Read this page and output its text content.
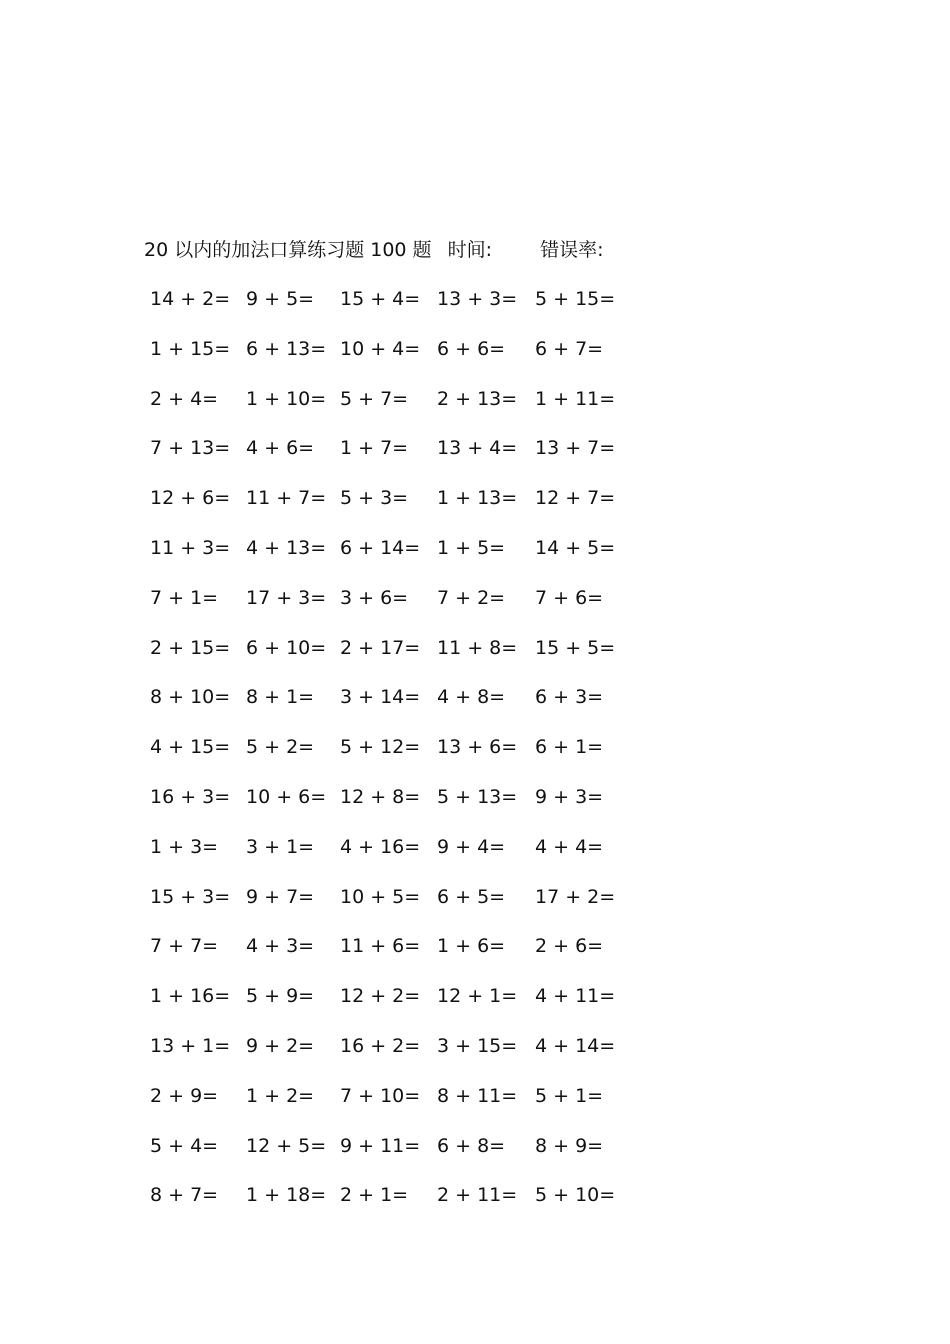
20 以内的加法口算练习题 100 题 时间:	错误率:
14 + 2= 9 + 5= 15 + 4= 13 + 3= 5 + 15=
1 + 15= 6 + 13= 10 + 4= 6 + 6= 6 + 7=
2 + 4= 1 + 10= 5 + 7= 2 + 13= 1 + 11=
7 + 13= 4 + 6= 1 + 7= 13 + 4= 13 + 7=
12 + 6= 11 + 7= 5 + 3= 1 + 13= 12 + 7=
11 + 3= 4 + 13= 6 + 14= 1 + 5= 14 + 5=
7 + 1= 17 + 3= 3 + 6= 7 + 2= 7 + 6=
2 + 15= 6 + 10= 2 + 17= 11 + 8= 15 + 5=
8 + 10= 8 + 1= 3 + 14= 4 + 8= 6 + 3=
4 + 15= 5 + 2= 5 + 12= 13 + 6= 6 + 1=
16 + 3= 10 + 6= 12 + 8= 5 + 13= 9 + 3=
1 + 3= 3 + 1= 4 + 16= 9 + 4= 4 + 4=
15 + 3= 9 + 7= 10 + 5= 6 + 5= 17 + 2=
7 + 7= 4 + 3= 11 + 6= 1 + 6= 2 + 6=
1 + 16= 5 + 9= 12 + 2= 12 + 1= 4 + 11=
13 + 1= 9 + 2= 16 + 2= 3 + 15= 4 + 14=
2 + 9= 1 + 2= 7 + 10= 8 + 11= 5 + 1=
5 + 4= 12 + 5= 9 + 11= 6 + 8= 8 + 9=
8 + 7= 1 + 18= 2 + 1= 2 + 11= 5 + 10=
